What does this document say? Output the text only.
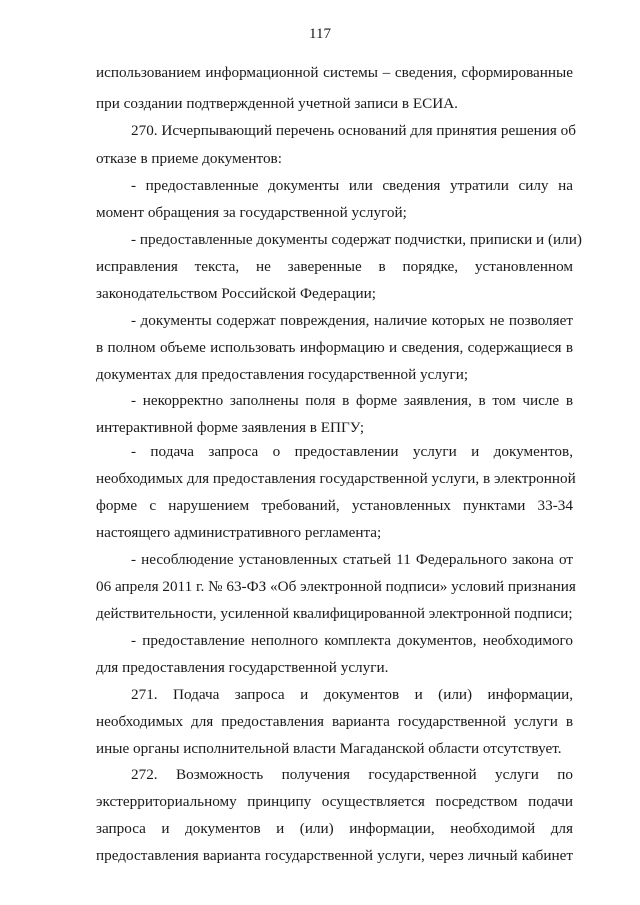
117
использованием информационной системы – сведения, сформированные
при создании подтвержденной учетной записи в ЕСИА.
270. Исчерпывающий перечень оснований для принятия решения об
отказе в приеме документов:
- предоставленные документы или сведения утратили силу на
момент обращения за государственной услугой;
- предоставленные документы содержат подчистки, приписки и (или)
исправления текста, не заверенные в порядке, установленном
законодательством Российской Федерации;
- документы содержат повреждения, наличие которых не позволяет
в полном объеме использовать информацию и сведения, содержащиеся в
документах для предоставления государственной услуги;
- некорректно заполнены поля в форме заявления, в том числе в
интерактивной форме заявления в ЕПГУ;
- подача запроса о предоставлении услуги и документов,
необходимых для предоставления государственной услуги, в электронной
форме с нарушением требований, установленных пунктами 33-34
настоящего административного регламента;
- несоблюдение установленных статьей 11 Федерального закона от
06 апреля 2011 г. № 63-ФЗ «Об электронной подписи» условий признания
действительности, усиленной квалифицированной электронной подписи;
- предоставление неполного комплекта документов, необходимого
для предоставления государственной услуги.
271. Подача запроса и документов и (или) информации,
необходимых для предоставления варианта государственной услуги в
иные органы исполнительной власти Магаданской области отсутствует.
272. Возможность получения государственной услуги по
экстерриториальному принципу осуществляется посредством подачи
запроса и документов и (или) информации, необходимой для
предоставления варианта государственной услуги, через личный кабинет
